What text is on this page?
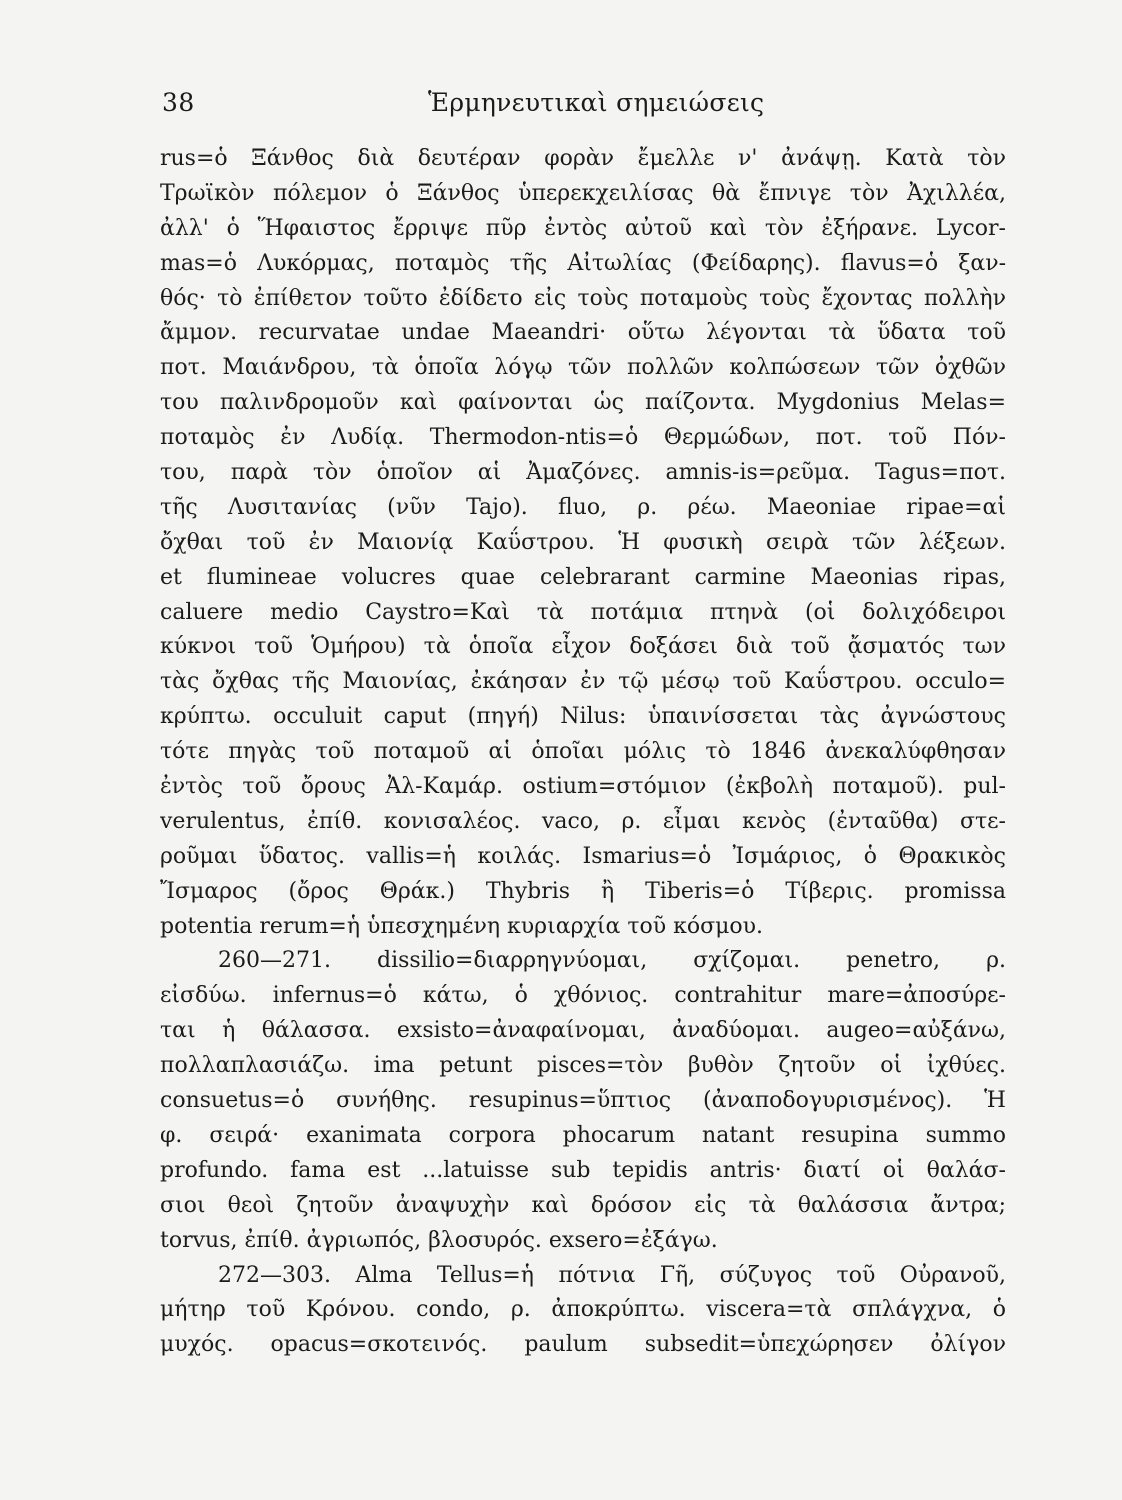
38	Ἑρμηνευτικαὶ σημειώσεις
rus=ὁ Ξάνθος διὰ δευτέραν φορὰν ἔμελλε ν' ἀνάψῃ. Κατὰ τὸν
Τρωϊκὸν πόλεμον ὁ Ξάνθος ὑπερεκχειλίσας θὰ ἔπνιγε τὸν Ἀχιλλέα,
ἀλλ' ὁ Ἥφαιστος ἔρριψε πῦρ ἐντὸς αὐτοῦ καὶ τὸν ἐξήρανε. Lycor-
mas=ὁ Λυκόρμας, ποταμὸς τῆς Αἰτωλίας (Φείδαρης). flavus=ὁ ξαν-
θός· τὸ ἐπίθετον τοῦτο ἐδίδετο εἰς τοὺς ποταμοὺς τοὺς ἔχοντας πολλὴν
ἄμμον. recurvatae undae Maeandri· οὕτω λέγονται τὰ ὕδατα τοῦ
ποτ. Μαιάνδρου, τὰ ὁποῖα λόγῳ τῶν πολλῶν κολπώσεων τῶν ὀχθῶν
του παλινδρομοῦν καὶ φαίνονται ὡς παίζοντα. Mygdonius Melas=
ποταμὸς ἐν Λυδίᾳ. Thermodon-ntis=ὁ Θερμώδων, ποτ. τοῦ Πόν-
του, παρὰ τὸν ὁποῖον αἱ Ἀμαζόνες. amnis-is=ρεῦμα. Tagus=ποτ.
τῆς Λυσιτανίας (νῦν Tajo). fluo, ρ. ρέω. Maeoniae ripae=αἱ
ὄχθαι τοῦ ἐν Μαιονίᾳ Καΰστρου. Ἡ φυσικὴ σειρὰ τῶν λέξεων.
et flumineae volucres quae celebrarant carmine Maeonias ripas,
caluere medio Caystro=Καὶ τὰ ποτάμια πτηνὰ (οἱ δολιχόδειροι
κύκνοι τοῦ Ὁμήρου) τὰ ὁποῖα εἶχον δοξάσει διὰ τοῦ ᾄσματός των
τὰς ὄχθας τῆς Μαιονίας, ἐκάησαν ἐν τῷ μέσῳ τοῦ Καΰστρου. occulo=
κρύπτω. occuluit caput (πηγή) Nilus: ὑπαινίσσεται τὰς ἀγνώστους
τότε πηγὰς τοῦ ποταμοῦ αἱ ὁποῖαι μόλις τὸ 1846 ἀνεκαλύφθησαν
ἐντὸς τοῦ ὄρους Ἀλ-Καμάρ. ostium=στόμιον (ἐκβολὴ ποταμοῦ). pul-
verulentus, ἐπίθ. κονισαλέος. vaco, ρ. εἶμαι κενὸς (ἐνταῦθα) στε-
ροῦμαι ὕδατος. vallis=ἡ κοιλάς. Ismarius=ὁ Ἰσμάριος, ὁ Θρακικὸς
Ἴσμαρος (ὄρος Θράκ.) Thybris ἢ Tiberis=ὁ Τίβερις. promissa
potentia rerum=ἡ ὑπεσχημένη κυριαρχία τοῦ κόσμου.
260—271. dissilio=διαρρηγνύομαι, σχίζομαι. penetro, ρ.
εἰσδύω. infernus=ὁ κάτω, ὁ χθόνιος. contrahitur mare=ἀποσύρε-
ται ἡ θάλασσα. exsisto=ἀναφαίνομαι, ἀναδύομαι. augeo=αὐξάνω,
πολλαπλασιάζω. ima petunt pisces=τὸν βυθὸν ζητοῦν οἱ ἰχθύες.
consuetus=ὁ συνήθης. resupinus=ὕπτιος (ἀναποδογυρισμένος). Ἡ
φ. σειρά· exanimata corpora phocarum natant resupina summo
profundo. fama est ...latuisse sub tepidis antris· διατί οἱ θαλάσ-
σιοι θεοὶ ζητοῦν ἀναψυχὴν καὶ δρόσον εἰς τὰ θαλάσσια ἄντρα;
torvus, ἐπίθ. ἀγριωπός, βλοσυρός. exsero=ἐξάγω.
272—303. Alma Tellus=ἡ πότνια Γῆ, σύζυγος τοῦ Οὐρανοῦ,
μήτηρ τοῦ Κρόνου. condo, ρ. ἀποκρύπτω. viscera=τὰ σπλάγχνα, ὁ
μυχός. opacus=σκοτεινός. paulum subsedit=ὑπεχώρησεν ὀλίγον
